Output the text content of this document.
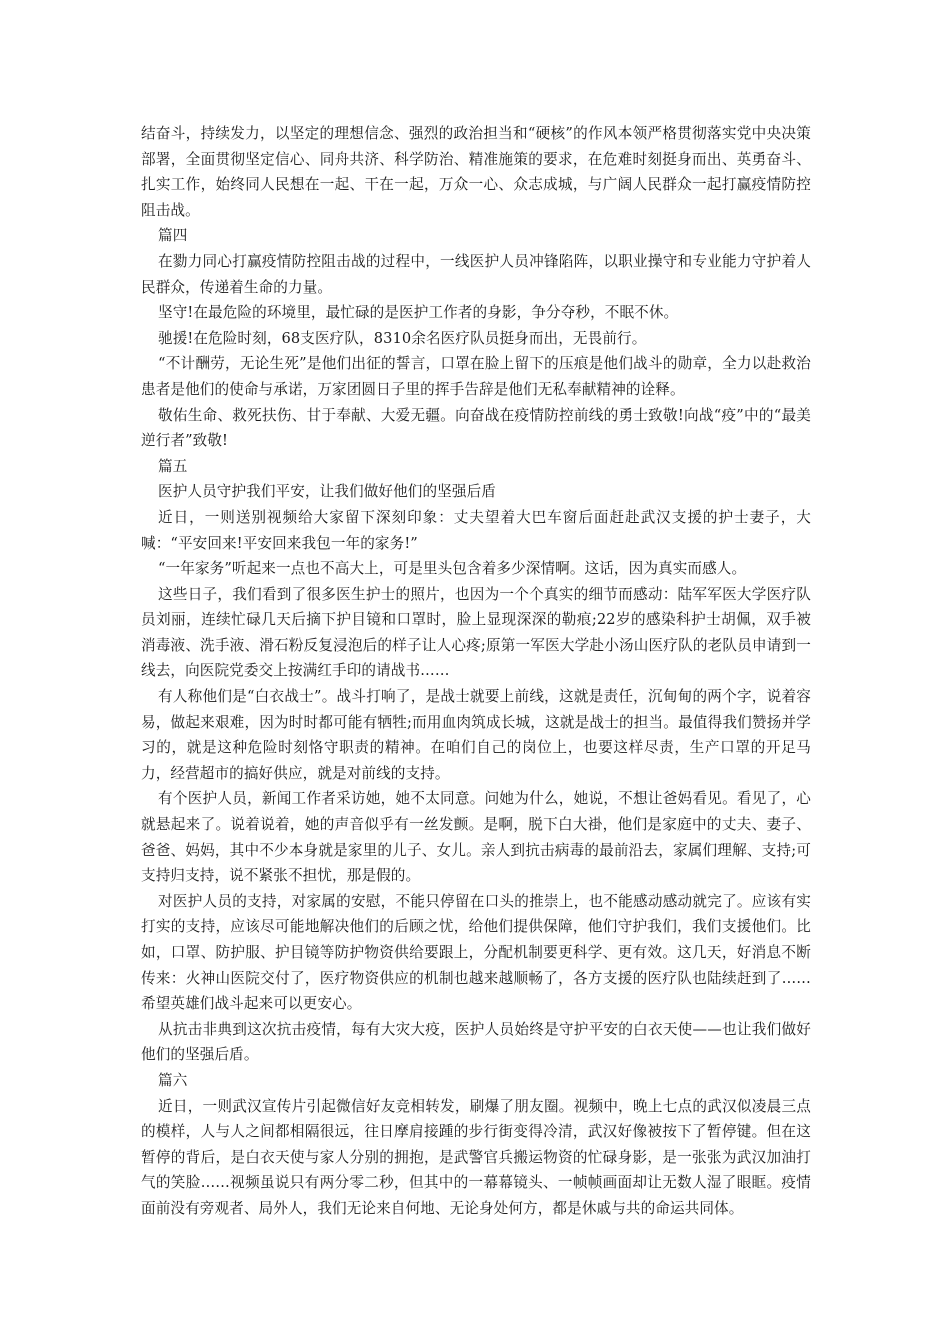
结奋斗，持续发力，以坚定的理想信念、强烈的政治担当和“硬核”的作风本领严格贯彻落实党中央决策部署，全面贯彻坚定信心、同舟共济、科学防治、精准施策的要求，在危难时刻挺身而出、英勇奋斗、扎实工作，始终同人民想在一起、干在一起，万众一心、众志成城，与广阔人民群众一起打赢疫情防控阻击战。

篇四

在勠力同心打赢疫情防控阻击战的过程中，一线医护人员冲锋陷阵，以职业操守和专业能力守护着人民群众，传递着生命的力量。

坚守!在最危险的环境里，最忙碌的是医护工作者的身影，争分夺秒，不眠不休。

驰援!在危险时刻，68支医疗队，8310余名医疗队员挺身而出，无畏前行。

“不计酬劳，无论生死”是他们出征的誓言，口罩在脸上留下的压痕是他们战斗的勋章，全力以赴救治患者是他们的使命与承诺，万家团圆日子里的挥手告辞是他们无私奉献精神的诠释。

敬佑生命、救死扶伤、甘于奉献、大爱无疆。向奋战在疫情防控前线的勇士致敬!向战“疫”中的“最美逆行者”致敬!

篇五

医护人员守护我们平安，让我们做好他们的坚强后盾

近日，一则送别视频给大家留下深刻印象：丈夫望着大巴车窗后面赶赴武汉支援的护士妻子，大喊：“平安回来!平安回来我包一年的家务!”

“一年家务”听起来一点也不高大上，可是里头包含着多少深情啊。这话，因为真实而感人。

这些日子，我们看到了很多医生护士的照片，也因为一个个真实的细节而感动：陆军军医大学医疗队员刘丽，连续忙碌几天后摘下护目镜和口罩时，脸上显现深深的勒痕;22岁的感染科护士胡佩，双手被消毒液、洗手液、滑石粉反复浸泡后的样子让人心疼;原第一军医大学赴小汤山医疗队的老队员申请到一线去，向医院党委交上按满红手印的请战书……

有人称他们是“白衣战士”。战斗打响了，是战士就要上前线，这就是责任，沉甸甸的两个字，说着容易，做起来艰难，因为时时都可能有牺牲;而用血肉筑成长城，这就是战士的担当。最值得我们赞扬并学习的，就是这种危险时刻恪守职责的精神。在咱们自己的岗位上，也要这样尽责，生产口罩的开足马力，经营超市的搞好供应，就是对前线的支持。

有个医护人员，新闻工作者采访她，她不太同意。问她为什么，她说，不想让爸妈看见。看见了，心就悬起来了。说着说着，她的声音似乎有一丝发颤。是啊，脱下白大褂，他们是家庭中的丈夫、妻子、爸爸、妈妈，其中不少本身就是家里的儿子、女儿。亲人到抗击病毒的最前沿去，家属们理解、支持;可支持归支持，说不紧张不担忧，那是假的。

对医护人员的支持，对家属的安慰，不能只停留在口头的推崇上，也不能感动感动就完了。应该有实打实的支持，应该尽可能地解决他们的后顾之忧，给他们提供保障，他们守护我们，我们支援他们。比如，口罩、防护服、护目镜等防护物资供给要跟上，分配机制要更科学、更有效。这几天，好消息不断传来：火神山医院交付了，医疗物资供应的机制也越来越顺畅了，各方支援的医疗队也陆续赶到了……希望英雄们战斗起来可以更安心。

从抗击非典到这次抗击疫情，每有大灾大疫，医护人员始终是守护平安的白衣天使——也让我们做好他们的坚强后盾。

篇六

近日，一则武汉宣传片引起微信好友竞相转发，刷爆了朋友圈。视频中，晚上七点的武汉似凌晨三点的模样，人与人之间都相隔很远，往日摩肩接踵的步行街变得冷清，武汉好像被按下了暂停键。但在这暂停的背后，是白衣天使与家人分别的拥抱，是武警官兵搬运物资的忙碌身影，是一张张为武汉加油打气的笑脸……视频虽说只有两分零二秒，但其中的一幕幕镜头、一帧帧画面却让无数人湿了眼眶。疫情面前没有旁观者、局外人，我们无论来自何地、无论身处何方，都是休戚与共的命运共同体。
